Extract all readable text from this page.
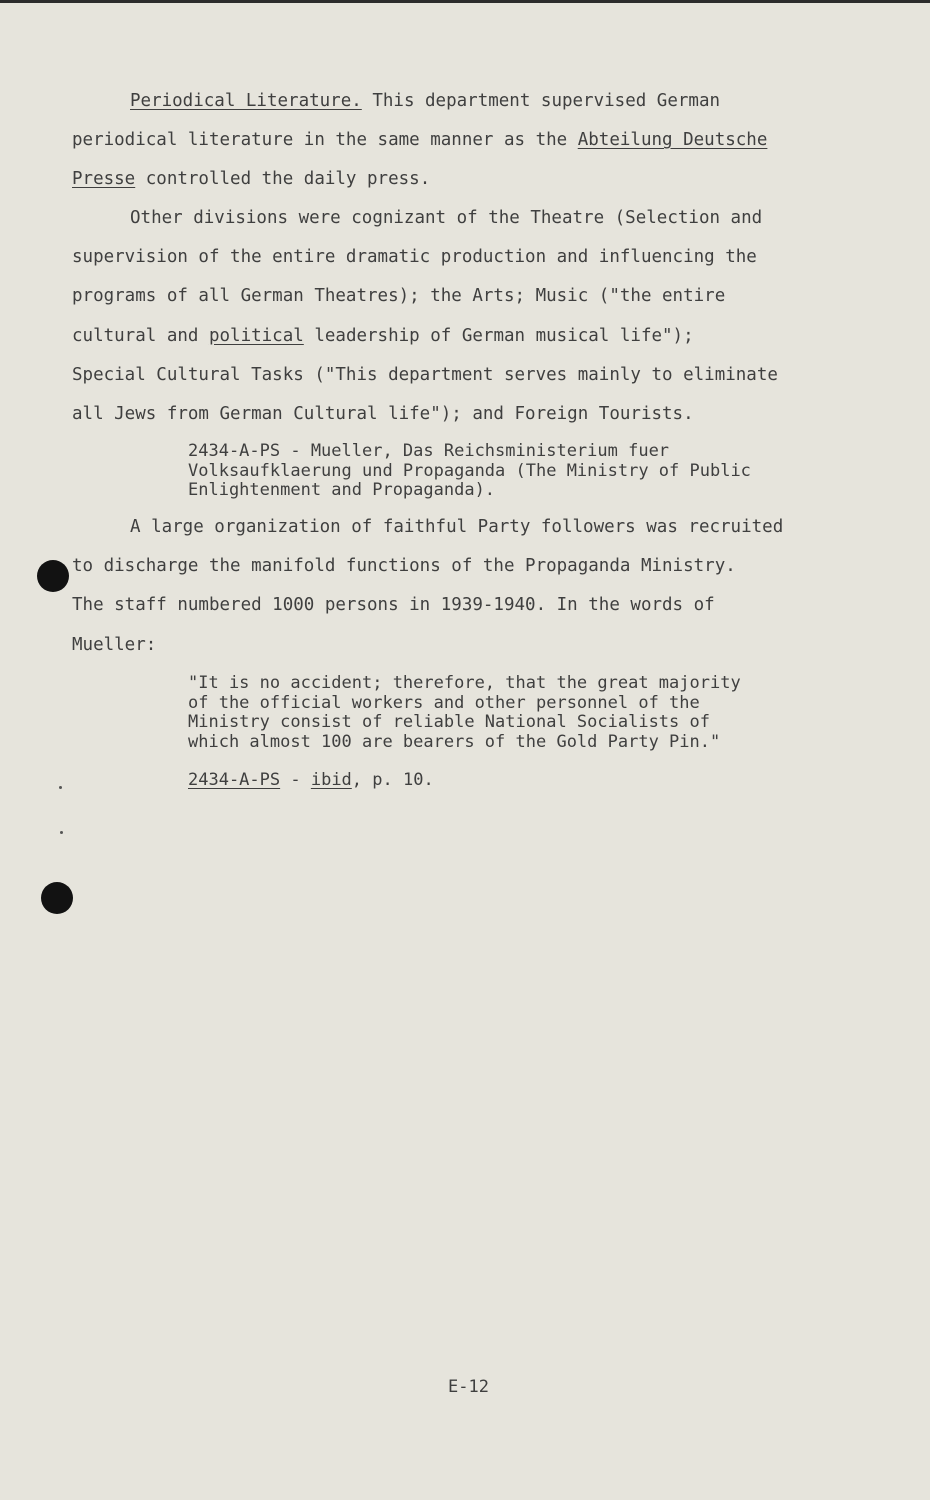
Periodical Literature. This department supervised German
periodical literature in the same manner as the Abteilung Deutsche
Presse controlled the daily press.
Other divisions were cognizant of the Theatre (Selection and
supervision of the entire dramatic production and influencing the
programs of all German Theatres); the Arts; Music ("the entire
cultural and political leadership of German musical life");
Special Cultural Tasks ("This department serves mainly to eliminate
all Jews from German Cultural life"); and Foreign Tourists.
2434-A-PS - Mueller, Das Reichsministerium fuer
Volksaufklaerung und Propaganda (The Ministry of Public
Enlightenment and Propaganda).
A large organization of faithful Party followers was recruited
to discharge the manifold functions of the Propaganda Ministry.
The staff numbered 1000 persons in 1939-1940. In the words of
Mueller:
"It is no accident; therefore, that the great majority
of the official workers and other personnel of the
Ministry consist of reliable National Socialists of
which almost 100 are bearers of the Gold Party Pin."
2434-A-PS - ibid, p. 10.
E-12
